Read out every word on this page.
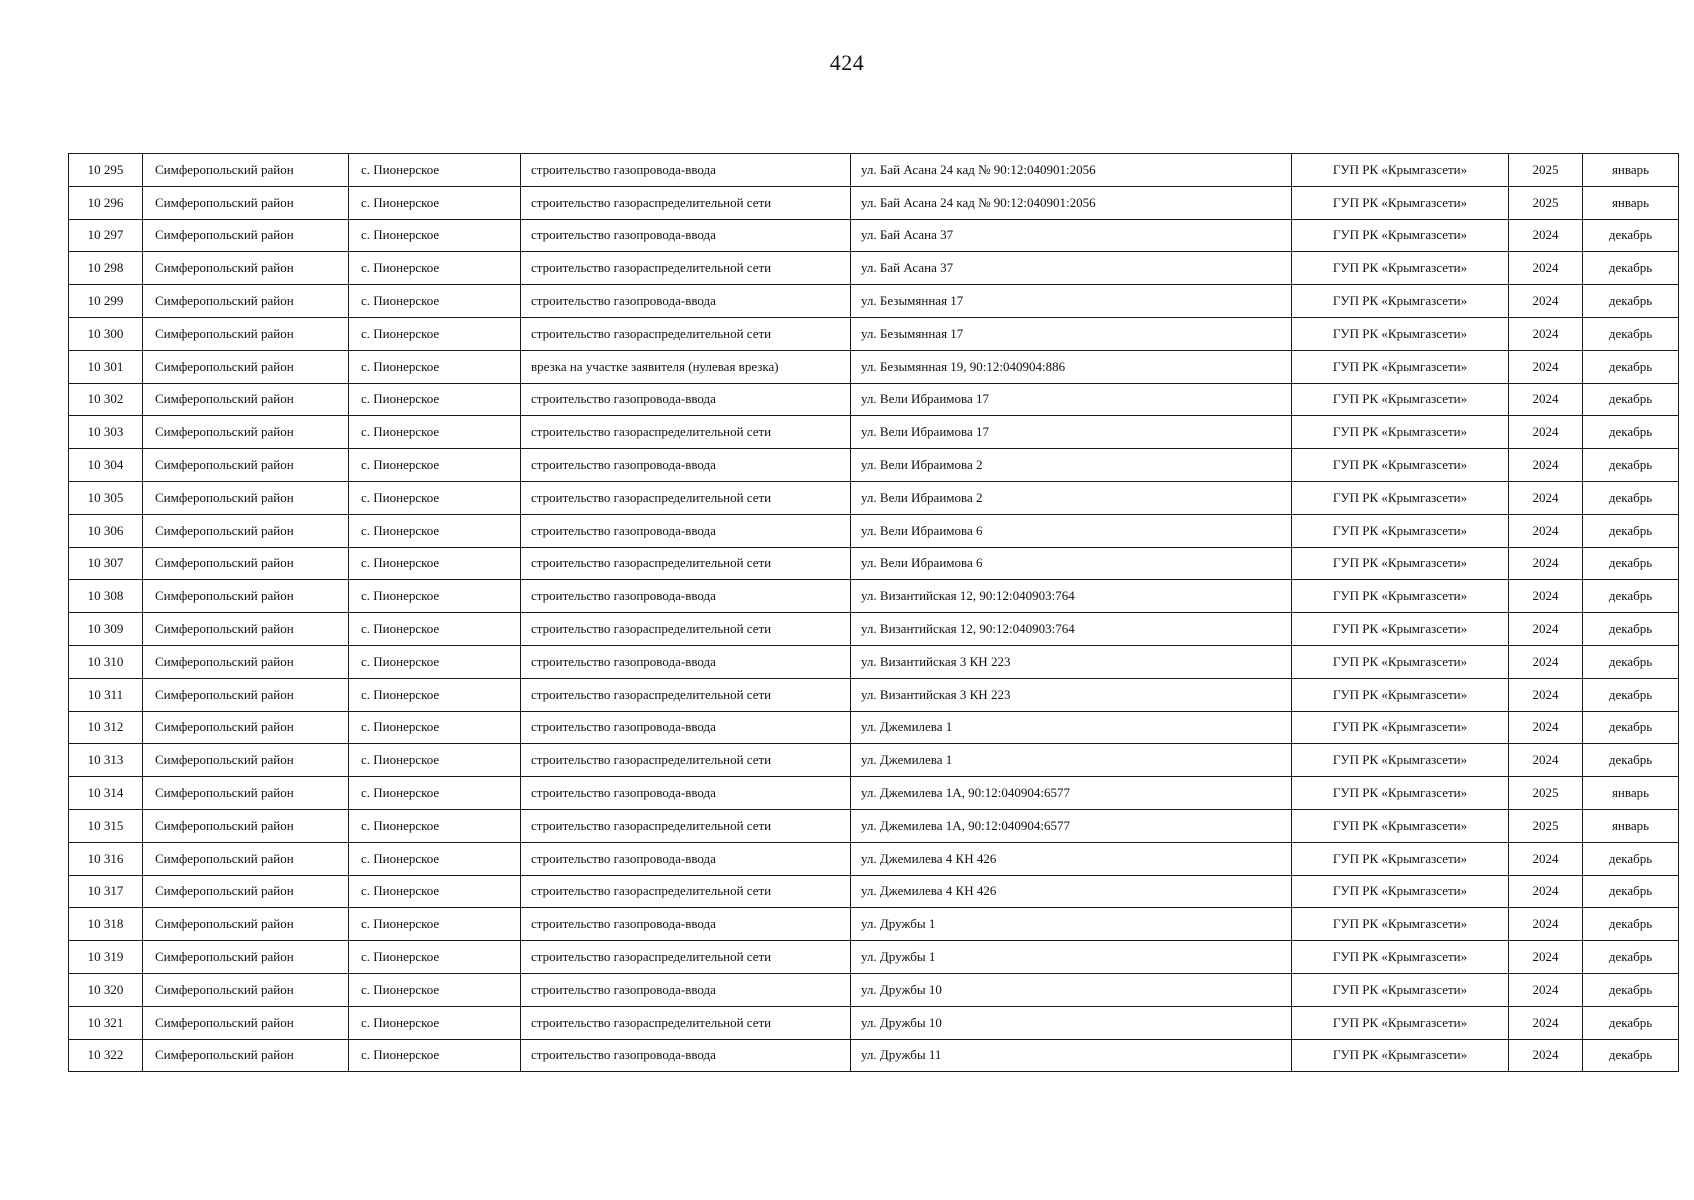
424
10 295	Симферопольский район	с. Пионерское	строительство газопровода-ввода	ул. Бай Асана 24 кад № 90:12:040901:2056	ГУП РК «Крымгазсети»	2025	январь
10 296	Симферопольский район	с. Пионерское	строительство газораспределительной сети	ул. Бай Асана 24 кад № 90:12:040901:2056	ГУП РК «Крымгазсети»	2025	январь
10 297	Симферопольский район	с. Пионерское	строительство газопровода-ввода	ул. Бай Асана 37	ГУП РК «Крымгазсети»	2024	декабрь
10 298	Симферопольский район	с. Пионерское	строительство газораспределительной сети	ул. Бай Асана 37	ГУП РК «Крымгазсети»	2024	декабрь
10 299	Симферопольский район	с. Пионерское	строительство газопровода-ввода	ул. Безымянная 17	ГУП РК «Крымгазсети»	2024	декабрь
10 300	Симферопольский район	с. Пионерское	строительство газораспределительной сети	ул. Безымянная 17	ГУП РК «Крымгазсети»	2024	декабрь
10 301	Симферопольский район	с. Пионерское	врезка на участке заявителя (нулевая врезка)	ул. Безымянная 19, 90:12:040904:886	ГУП РК «Крымгазсети»	2024	декабрь
10 302	Симферопольский район	с. Пионерское	строительство газопровода-ввода	ул. Вели Ибраимова 17	ГУП РК «Крымгазсети»	2024	декабрь
10 303	Симферопольский район	с. Пионерское	строительство газораспределительной сети	ул. Вели Ибраимова 17	ГУП РК «Крымгазсети»	2024	декабрь
10 304	Симферопольский район	с. Пионерское	строительство газопровода-ввода	ул. Вели Ибраимова 2	ГУП РК «Крымгазсети»	2024	декабрь
10 305	Симферопольский район	с. Пионерское	строительство газораспределительной сети	ул. Вели Ибраимова 2	ГУП РК «Крымгазсети»	2024	декабрь
10 306	Симферопольский район	с. Пионерское	строительство газопровода-ввода	ул. Вели Ибраимова 6	ГУП РК «Крымгазсети»	2024	декабрь
10 307	Симферопольский район	с. Пионерское	строительство газораспределительной сети	ул. Вели Ибраимова 6	ГУП РК «Крымгазсети»	2024	декабрь
10 308	Симферопольский район	с. Пионерское	строительство газопровода-ввода	ул. Византийская 12, 90:12:040903:764	ГУП РК «Крымгазсети»	2024	декабрь
10 309	Симферопольский район	с. Пионерское	строительство газораспределительной сети	ул. Византийская 12, 90:12:040903:764	ГУП РК «Крымгазсети»	2024	декабрь
10 310	Симферопольский район	с. Пионерское	строительство газопровода-ввода	ул. Византийская 3 КН 223	ГУП РК «Крымгазсети»	2024	декабрь
10 311	Симферопольский район	с. Пионерское	строительство газораспределительной сети	ул. Византийская 3 КН 223	ГУП РК «Крымгазсети»	2024	декабрь
10 312	Симферопольский район	с. Пионерское	строительство газопровода-ввода	ул. Джемилева 1	ГУП РК «Крымгазсети»	2024	декабрь
10 313	Симферопольский район	с. Пионерское	строительство газораспределительной сети	ул. Джемилева 1	ГУП РК «Крымгазсети»	2024	декабрь
10 314	Симферопольский район	с. Пионерское	строительство газопровода-ввода	ул. Джемилева 1А, 90:12:040904:6577	ГУП РК «Крымгазсети»	2025	январь
10 315	Симферопольский район	с. Пионерское	строительство газораспределительной сети	ул. Джемилева 1А, 90:12:040904:6577	ГУП РК «Крымгазсети»	2025	январь
10 316	Симферопольский район	с. Пионерское	строительство газопровода-ввода	ул. Джемилева 4 КН 426	ГУП РК «Крымгазсети»	2024	декабрь
10 317	Симферопольский район	с. Пионерское	строительство газораспределительной сети	ул. Джемилева 4 КН 426	ГУП РК «Крымгазсети»	2024	декабрь
10 318	Симферопольский район	с. Пионерское	строительство газопровода-ввода	ул. Дружбы 1	ГУП РК «Крымгазсети»	2024	декабрь
10 319	Симферопольский район	с. Пионерское	строительство газораспределительной сети	ул. Дружбы 1	ГУП РК «Крымгазсети»	2024	декабрь
10 320	Симферопольский район	с. Пионерское	строительство газопровода-ввода	ул. Дружбы 10	ГУП РК «Крымгазсети»	2024	декабрь
10 321	Симферопольский район	с. Пионерское	строительство газораспределительной сети	ул. Дружбы 10	ГУП РК «Крымгазсети»	2024	декабрь
10 322	Симферопольский район	с. Пионерское	строительство газопровода-ввода	ул. Дружбы 11	ГУП РК «Крымгазсети»	2024	декабрь
